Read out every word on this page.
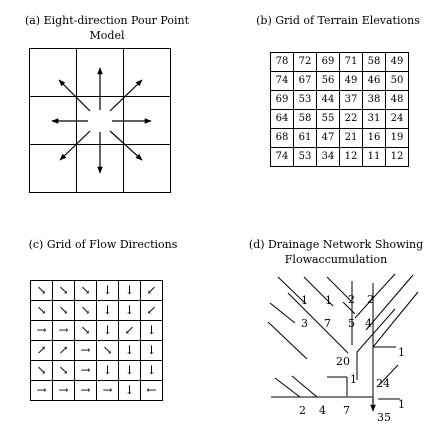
(a) Eight-direction Pour Point
Model
(b) Grid of Terrain Elevations
(c) Grid of Flow Directions	(d) Drainage Network Showing
Flowaccumulation
1 1 2 2
3 7 5 4
20
1
1 24
2 4 7	1
35
78	72	69	71	58	49
74	67	56	49	46	50
69	53	44	37	38	48
64	58	55	22	31	24
68	61	47	21	16	19
74	53	34	12	11	12
↘	↘	↘	↓	↓	↙
↘	↘	↘	↓	↓	↙
→	→	↘	↓	↙	↓
↗	↗	→	↘	↓	↓
↘	↘	→	↓	↓	↓
→	→	→	→	↓	←
